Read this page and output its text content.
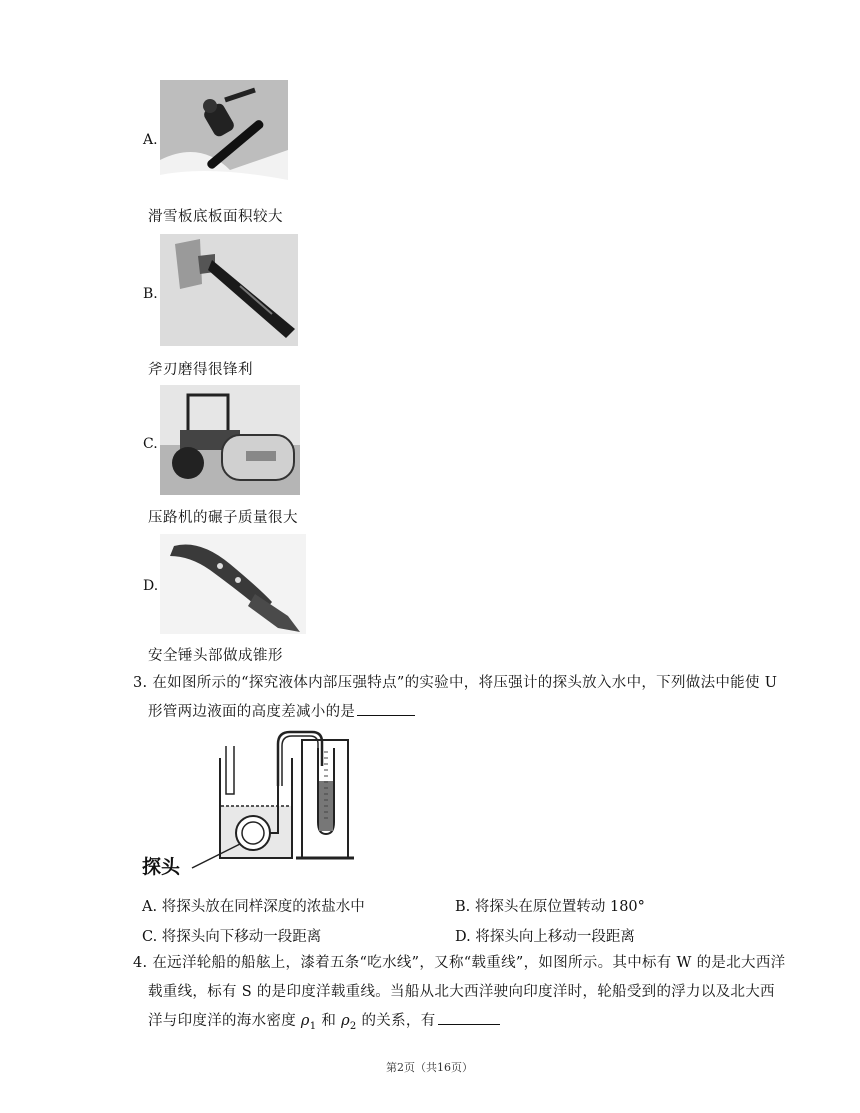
A.
滑雪板底板面积较大
B.
斧刃磨得很锋利
C.
压路机的碾子质量很大
D.
安全锤头部做成锥形
3. 在如图所示的“探究液体内部压强特点”的实验中，将压强计的探头放入水中，下列做法中能使 U
形管两边液面的高度差减小的是
探头
A. 将探头放在同样深度的浓盐水中	B. 将探头在原位置转动 180°
C. 将探头向下移动一段距离	D. 将探头向上移动一段距离
4. 在远洋轮船的船舷上，漆着五条“吃水线”，又称“载重线”，如图所示。其中标有 W 的是北大西洋
载重线，标有 S 的是印度洋载重线。当船从北大西洋驶向印度洋时，轮船受到的浮力以及北大西
洋与印度洋的海水密度 $\rho_1$ 和 $\rho_2$ 的关系，有
第2页（共16页）
